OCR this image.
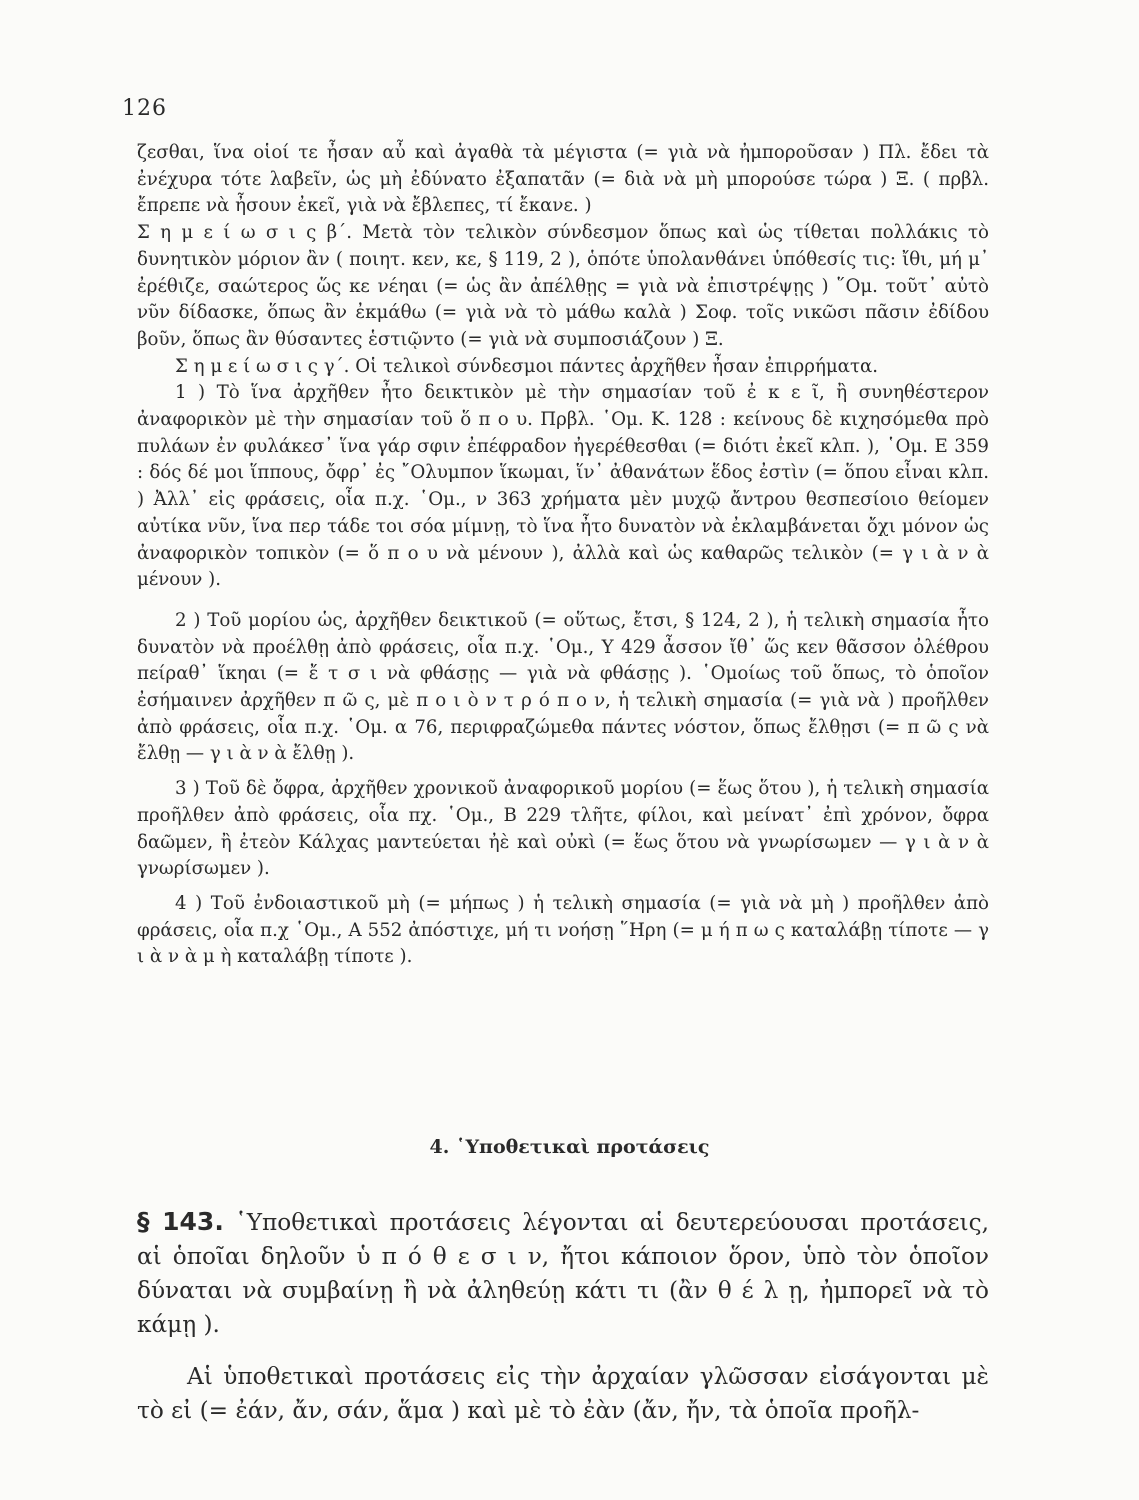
126

ζεσθαι, ἵνα οἱοί τε ἦσαν αὖ καὶ ἀγαθὰ τὰ μέγιστα (= γιὰ νὰ ἠμποροῦσαν ) Πλ. ἔδει τὰ ἐνέχυρα τότε λαβεῖν, ὡς μὴ ἐδύνατο ἐξαπατᾶν (= διὰ νὰ μὴ μπορούσε τώρα ) Ξ. ( πρβλ. ἔπρεπε νὰ ἦσουν ἐκεῖ, γιὰ νὰ ἔβλεπες, τί ἔκανε. )

Σ η μ ε ί ω σ ι ς β΄. Μετὰ τὸν τελικὸν σύνδεσμον ὅπως καὶ ὡς τίθεται πολλάκις τὸ δυνητικὸν μόριον ἂν ( ποιητ. κεν, κε, § 119, 2 ), ὁπότε ὑπολανθάνει ὑπόθεσίς τις: ἴθι, μή μ᾽ ἐρέθιζε, σαώτερος ὥς κε νέηαι (= ὡς ἂν ἀπέλθῃς = γιὰ νὰ ἐπιστρέψῃς ) ῞Ομ. τοῦτ᾽ αὐτὸ νῦν δίδασκε, ὅπως ἂν ἐκμάθω (= γιὰ νὰ τὸ μάθω καλὰ ) Σοφ. τοῖς νικῶσι πᾶσιν ἐδίδου βοῦν, ὅπως ἂν θύσαντες ἑστιῷντο (= γιὰ νὰ συμποσιάζουν ) Ξ.

Σ η μ ε ί ω σ ι ς γ΄. Οἱ τελικοὶ σύνδεσμοι πάντες ἀρχῆθεν ἦσαν ἐπιρρήματα.

1 ) Τὸ ἵνα ἀρχῆθεν ἦτο δεικτικὸν μὲ τὴν σημασίαν τοῦ ἐ κ ε ῖ, ἢ συνηθέστερον ἀναφορικὸν μὲ τὴν σημασίαν τοῦ ὅ π ο υ. Πρβλ. ῾Ομ. Κ. 128 : κείνους δὲ κιχησόμεθα πρὸ πυλάων ἐν φυλάκεσ᾽ ἵνα γάρ σφιν ἐπέφραδον ἠγερέθεσθαι (= διότι ἐκεῖ κλπ. ), ῾Ομ. Ε 359 : δός δέ μοι ἵππους, ὄφρ᾽ ἐς ῎Ολυμπον ἵκωμαι, ἵν᾽ ἀθανάτων ἕδος ἐστὶν (= ὅπου εἶναι κλπ. ) Ἀλλ᾽ εἰς φράσεις, οἷα π.χ. ῾Ομ., ν 363 χρήματα μὲν μυχῷ ἄντρου θεσπεσίοιο θείομεν αὐτίκα νῦν, ἵνα περ τάδε τοι σόα μίμνῃ, τὸ ἵνα ἦτο δυνατὸν νὰ ἐκλαμβάνεται ὄχι μόνον ὡς ἀναφορικὸν τοπικὸν (= ὅ π ο υ νὰ μένουν ), ἀλλὰ καὶ ὡς καθαρῶς τελικὸν (= γ ι ὰ ν ὰ μένουν ).

2 ) Τοῦ μορίου ὡς, ἀρχῆθεν δεικτικοῦ (= οὕτως, ἔτσι, § 124, 2 ), ἡ τελικὴ σημασία ἦτο δυνατὸν νὰ προέλθῃ ἀπὸ φράσεις, οἷα π.χ. ῾Ομ., Υ 429 ἆσσον ἴθ᾽ ὥς κεν θᾶσσον ὀλέθρου πείραθ᾽ ἵκηαι (= ἔ τ σ ι νὰ φθάσῃς — γιὰ νὰ φθάσῃς ). ῾Ομοίως τοῦ ὅπως, τὸ ὁποῖον ἐσήμαινεν ἀρχῆθεν π ῶ ς, μὲ π ο ι ὸ ν τ ρ ό π ο ν, ἡ τελικὴ σημασία (= γιὰ νὰ ) προῆλθεν ἀπὸ φράσεις, οἷα π.χ. ῾Ομ. α 76, περιφραζώμεθα πάντες νόστον, ὅπως ἔλθῃσι (= π ῶ ς νὰ ἔλθῃ — γ ι ὰ ν ὰ ἔλθῃ ).

3 ) Τοῦ δὲ ὄφρα, ἀρχῆθεν χρονικοῦ ἀναφορικοῦ μορίου (= ἕως ὅτου ), ἡ τελικὴ σημασία προῆλθεν ἀπὸ φράσεις, οἷα πχ. ῾Ομ., Β 229 τλῆτε, φίλοι, καὶ μείνατ᾽ ἐπὶ χρόνον, ὄφρα δαῶμεν, ἢ ἐτεὸν Κάλχας μαντεύεται ἠὲ καὶ οὐκὶ (= ἕως ὅτου νὰ γνωρίσωμεν — γ ι ὰ ν ὰ γνωρίσωμεν ).

4 ) Τοῦ ἐνδοιαστικοῦ μὴ (= μήπως ) ἡ τελικὴ σημασία (= γιὰ νὰ μὴ ) προῆλθεν ἀπὸ φράσεις, οἷα π.χ ῾Ομ., Α 552 ἀπόστιχε, μή τι νοήσῃ ῞Ηρη (= μ ή π ω ς καταλάβῃ τίποτε — γ ι ὰ ν ὰ μ ὴ καταλάβῃ τίποτε ).

4. ῾Υποθετικαὶ προτάσεις

§ 143. ῾Υποθετικαὶ προτάσεις λέγονται αἱ δευτερεύουσαι προτάσεις, αἱ ὁποῖαι δηλοῦν ὑ π ό θ ε σ ι ν, ἤτοι κάποιον ὅρον, ὑπὸ τὸν ὁποῖον δύναται νὰ συμβαίνῃ ἢ νὰ ἀληθεύῃ κάτι τι (ἂν θ έ λ ῃ, ἠμπορεῖ νὰ τὸ κάμῃ ).

Αἱ ὑποθετικαὶ προτάσεις εἰς τὴν ἀρχαίαν γλῶσσαν εἰσάγονται μὲ τὸ εἰ (= ἐάν, ἄν, σάν, ἅμα ) καὶ μὲ τὸ ἐὰν (ἄν, ἤν, τὰ ὁποῖα προῆλ-
